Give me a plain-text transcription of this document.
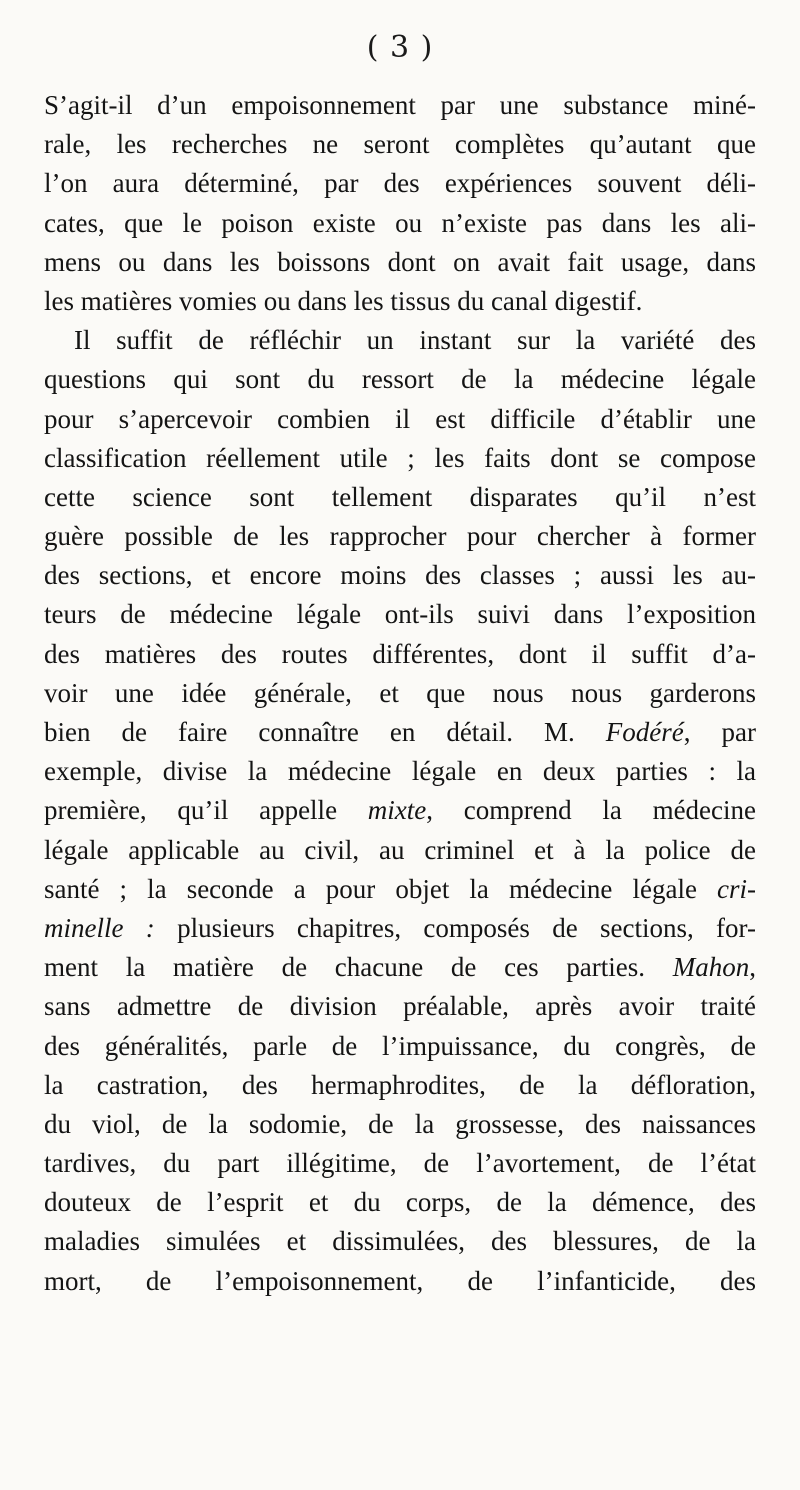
( 3 )
S’agit-il d’un empoisonnement par une substance miné-
rale, les recherches ne seront complètes qu’autant que
l’on aura déterminé, par des expériences souvent déli-
cates, que le poison existe ou n’existe pas dans les ali-
mens ou dans les boissons dont on avait fait usage, dans
les matières vomies ou dans les tissus du canal digestif.
Il suffit de réfléchir un instant sur la variété des
questions qui sont du ressort de la médecine légale
pour s’apercevoir combien il est difficile d’établir une
classification réellement utile ; les faits dont se compose
cette science sont tellement disparates qu’il n’est
guère possible de les rapprocher pour chercher à former
des sections, et encore moins des classes ; aussi les au-
teurs de médecine légale ont-ils suivi dans l’exposition
des matières des routes différentes, dont il suffit d’a-
voir une idée générale, et que nous nous garderons
bien de faire connaître en détail. M. Fodéré, par
exemple, divise la médecine légale en deux parties : la
première, qu’il appelle mixte, comprend la médecine
légale applicable au civil, au criminel et à la police de
santé ; la seconde a pour objet la médecine légale cri-
minelle : plusieurs chapitres, composés de sections, for-
ment la matière de chacune de ces parties. Mahon,
sans admettre de division préalable, après avoir traité
des généralités, parle de l’impuissance, du congrès, de
la castration, des hermaphrodites, de la défloration,
du viol, de la sodomie, de la grossesse, des naissances
tardives, du part illégitime, de l’avortement, de l’état
douteux de l’esprit et du corps, de la démence, des
maladies simulées et dissimulées, des blessures, de la
mort, de l’empoisonnement, de l’infanticide, des
